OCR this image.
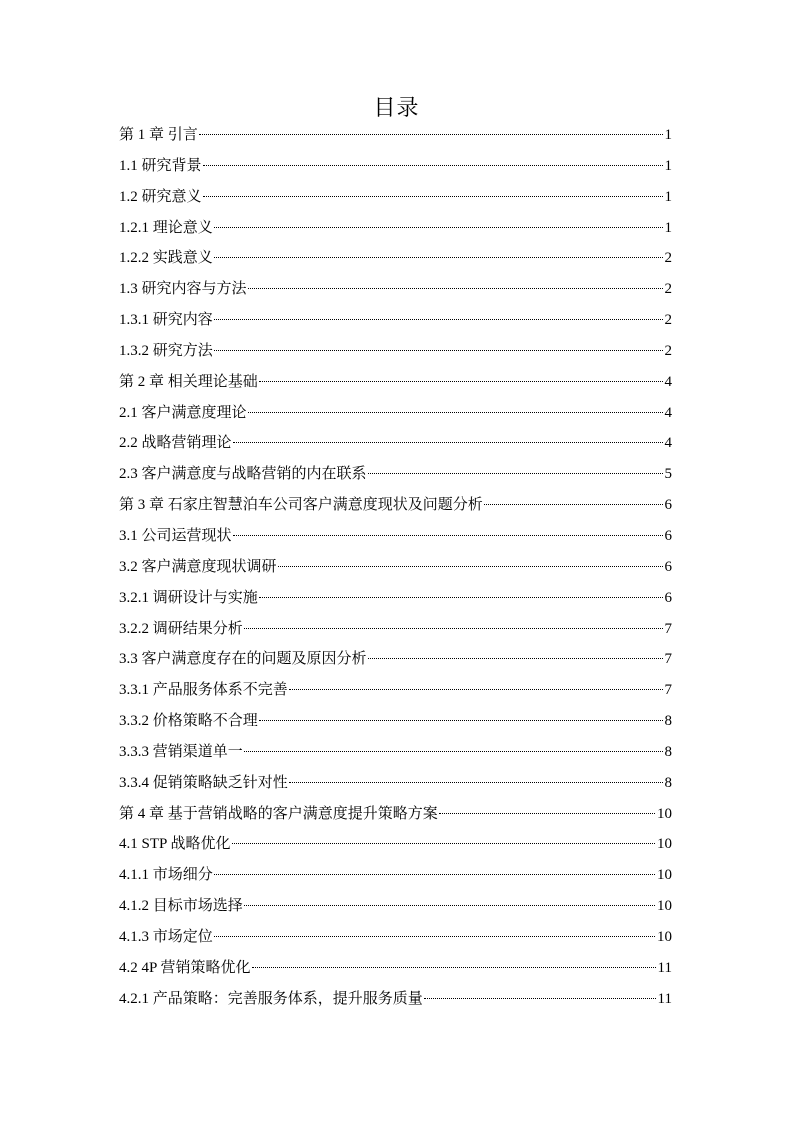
目录
第 1 章 引言	1
1.1 研究背景	1
1.2 研究意义	1
1.2.1 理论意义	1
1.2.2 实践意义	2
1.3 研究内容与方法	2
1.3.1 研究内容	2
1.3.2 研究方法	2
第 2 章 相关理论基础	4
2.1 客户满意度理论	4
2.2 战略营销理论	4
2.3 客户满意度与战略营销的内在联系	5
第 3 章 石家庄智慧泊车公司客户满意度现状及问题分析	6
3.1 公司运营现状	6
3.2 客户满意度现状调研	6
3.2.1 调研设计与实施	6
3.2.2 调研结果分析	7
3.3 客户满意度存在的问题及原因分析	7
3.3.1 产品服务体系不完善	7
3.3.2 价格策略不合理	8
3.3.3 营销渠道单一	8
3.3.4 促销策略缺乏针对性	8
第 4 章 基于营销战略的客户满意度提升策略方案	10
4.1 STP 战略优化	10
4.1.1 市场细分	10
4.1.2 目标市场选择	10
4.1.3 市场定位	10
4.2 4P 营销策略优化	11
4.2.1 产品策略：完善服务体系，提升服务质量	11
